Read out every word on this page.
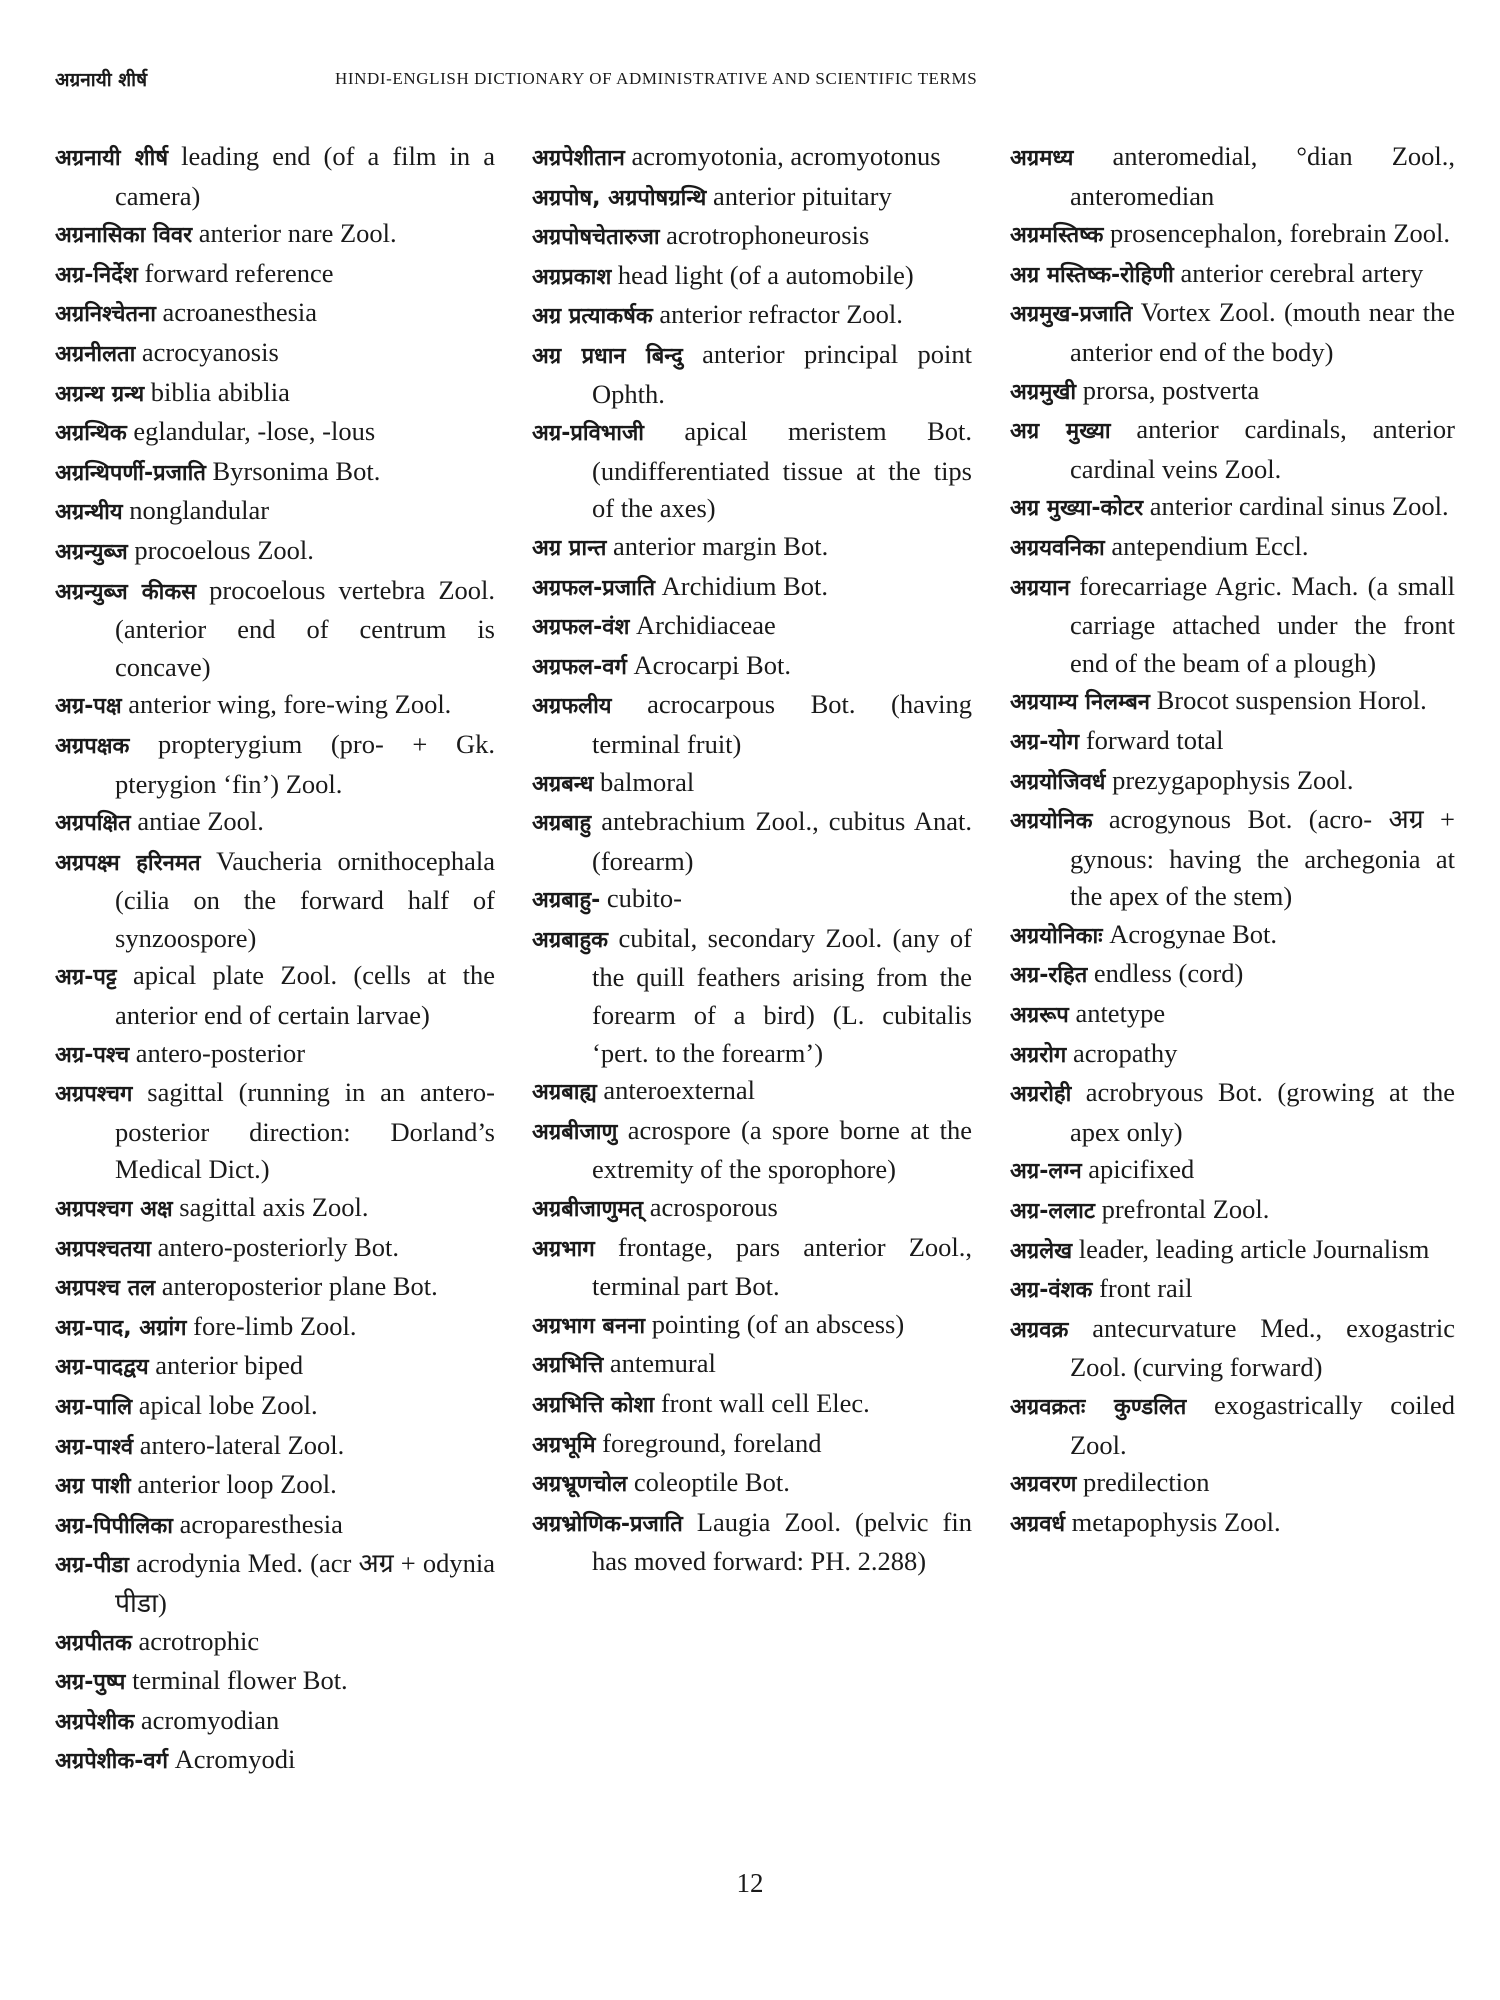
अग्रनायी शीर्ष	HINDI-ENGLISH DICTIONARY OF ADMINISTRATIVE AND SCIENTIFIC TERMS
अग्रनायी शीर्ष leading end (of a film in a camera)
अग्रनासिका विवर anterior nare Zool.
अग्र-निर्देश forward reference
अग्रनिश्चेतना acroanesthesia
अग्रनीलता acrocyanosis
अग्रन्थ ग्रन्थ biblia abiblia
अग्रन्थिक eglandular, -lose, -lous
अग्रन्थिपर्णी-प्रजाति Byrsonima Bot.
अग्रन्थीय nonglandular
अग्रन्युब्ज procoelous Zool.
अग्रन्युब्ज कीकस procoelous vertebra Zool. (anterior end of centrum is concave)
अग्र-पक्ष anterior wing, fore-wing Zool.
अग्रपक्षक propterygium (pro- + Gk. pterygion ‘fin’) Zool.
अग्रपक्षित antiae Zool.
अग्रपक्ष्म हरिनमत Vaucheria ornithocephala (cilia on the forward half of synzoospore)
अग्र-पट्ट apical plate Zool. (cells at the anterior end of certain larvae)
अग्र-पश्च antero-posterior
अग्रपश्चग sagittal (running in an antero-posterior direction: Dorland’s Medical Dict.)
अग्रपश्चग अक्ष sagittal axis Zool.
अग्रपश्चतया antero-posteriorly Bot.
अग्रपश्च तल anteroposterior plane Bot.
अग्र-पाद, अग्रांग fore-limb Zool.
अग्र-पादद्वय anterior biped
अग्र-पालि apical lobe Zool.
अग्र-पार्श्व antero-lateral Zool.
अग्र पाशी anterior loop Zool.
अग्र-पिपीलिका acroparesthesia
अग्र-पीडा acrodynia Med. (acr अग्र + odynia पीडा)
अग्रपीतक acrotrophic
अग्र-पुष्प terminal flower Bot.
अग्रपेशीक acromyodian
अग्रपेशीक-वर्ग Acromyodi
अग्रपेशीतान acromyotonia, acromyotonus
अग्रपोष, अग्रपोषग्रन्थि anterior pituitary
अग्रपोषचेतारुजा acrotrophoneurosis
अग्रप्रकाश head light (of a automobile)
अग्र प्रत्याकर्षक anterior refractor Zool.
अग्र प्रधान बिन्दु anterior principal point Ophth.
अग्र-प्रविभाजी apical meristem Bot. (undifferentiated tissue at the tips of the axes)
अग्र प्रान्त anterior margin Bot.
अग्रफल-प्रजाति Archidium Bot.
अग्रफल-वंश Archidiaceae
अग्रफल-वर्ग Acrocarpi Bot.
अग्रफलीय acrocarpous Bot. (having terminal fruit)
अग्रबन्ध balmoral
अग्रबाहु antebrachium Zool., cubitus Anat. (forearm)
अग्रबाहु- cubito-
अग्रबाहुक cubital, secondary Zool. (any of the quill feathers arising from the forearm of a bird) (L. cubitalis ‘pert. to the forearm’)
अग्रबाह्य anteroexternal
अग्रबीजाणु acrospore (a spore borne at the extremity of the sporophore)
अग्रबीजाणुमत् acrosporous
अग्रभाग frontage, pars anterior Zool., terminal part Bot.
अग्रभाग बनना pointing (of an abscess)
अग्रभित्ति antemural
अग्रभित्ति कोशा front wall cell Elec.
अग्रभूमि foreground, foreland
अग्रभ्रूणचोल coleoptile Bot.
अग्रभ्रोणिक-प्रजाति Laugia Zool. (pelvic fin has moved forward: PH. 2.288)
अग्रमध्य anteromedial, °dian Zool., anteromedian
अग्रमस्तिष्क prosencephalon, forebrain Zool.
अग्र मस्तिष्क-रोहिणी anterior cerebral artery
अग्रमुख-प्रजाति Vortex Zool. (mouth near the anterior end of the body)
अग्रमुखी prorsa, postverta
अग्र मुख्या anterior cardinals, anterior cardinal veins Zool.
अग्र मुख्या-कोटर anterior cardinal sinus Zool.
अग्रयवनिका antependium Eccl.
अग्रयान forecarriage Agric. Mach. (a small carriage attached under the front end of the beam of a plough)
अग्रयाम्य निलम्बन Brocot suspension Horol.
अग्र-योग forward total
अग्रयोजिवर्ध prezygapophysis Zool.
अग्रयोनिक acrogynous Bot. (acro- अग्र + gynous: having the archegonia at the apex of the stem)
अग्रयोनिकाः Acrogynae Bot.
अग्र-रहित endless (cord)
अग्ररूप antetype
अग्ररोग acropathy
अग्ररोही acrobryous Bot. (growing at the apex only)
अग्र-लग्न apicifixed
अग्र-ललाट prefrontal Zool.
अग्रलेख leader, leading article Journalism
अग्र-वंशक front rail
अग्रवक्र antecurvature Med., exogastric Zool. (curving forward)
अग्रवक्रतः कुण्डलित exogastrically coiled Zool.
अग्रवरण predilection
अग्रवर्ध metapophysis Zool.
12
